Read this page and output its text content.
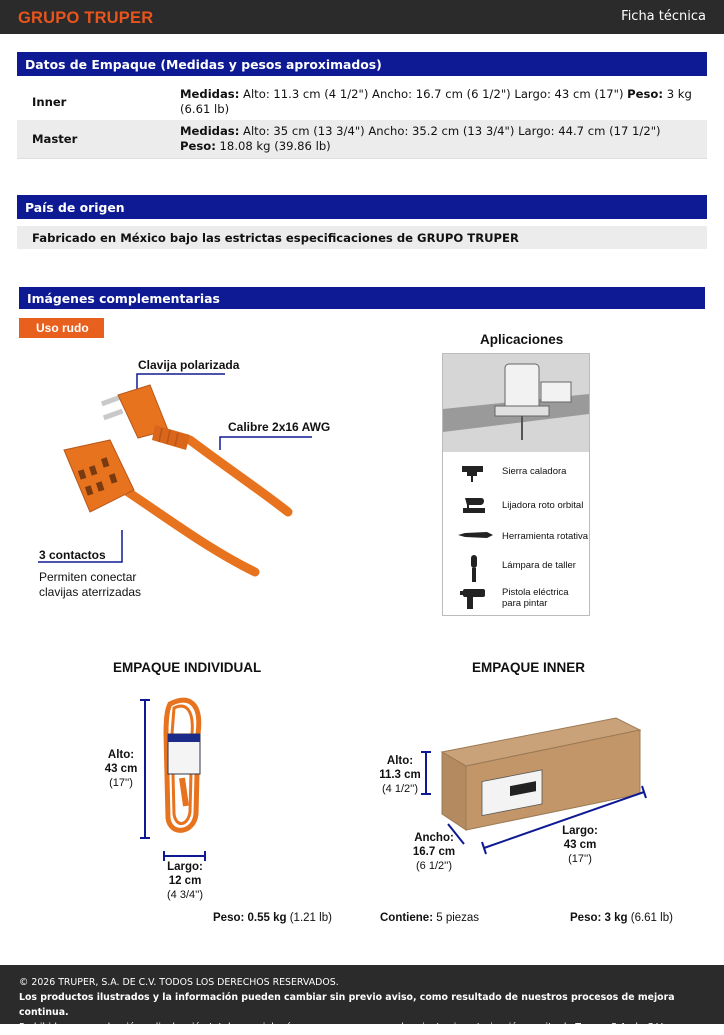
GRUPO TRUPER	Ficha técnica
Datos de Empaque (Medidas y pesos aproximados)
Inner
Medidas: Alto: 11.3 cm (4 1/2") Ancho: 16.7 cm (6 1/2") Largo: 43 cm (17") Peso: 3 kg (6.61 lb)
Master
Medidas: Alto: 35 cm (13 3/4") Ancho: 35.2 cm (13 3/4") Largo: 44.7 cm (17 1/2") Peso: 18.08 kg (39.86 lb)
País de origen
Fabricado en México bajo las estrictas especificaciones de GRUPO TRUPER
Imágenes complementarias
Uso rudo
Clavija polarizada
Calibre 2x16 AWG
3 contactos
Permiten conectar
clavijas aterrizadas
Aplicaciones
Sierra caladora
Lijadora roto orbital
Herramienta rotativa
Lámpara de taller
Pistola eléctrica
para pintar
EMPAQUE INDIVIDUAL
Alto:
43 cm
(17'')
Largo:
12 cm
(4 3/4'')
Peso: 0.55 kg (1.21 lb)
EMPAQUE INNER
Alto:
11.3 cm
(4 1/2'')
Ancho:
16.7 cm
(6 1/2'')
Largo:
43 cm
(17'')
Contiene: 5 piezas	Peso: 3 kg (6.61 lb)
© 2026 TRUPER, S.A. DE C.V. TODOS LOS DERECHOS RESERVADOS.
Los productos ilustrados y la información pueden cambiar sin previo aviso, como resultado de nuestros procesos de mejora continua.
Prohibida su reproducción o divulgación total o parcial así como su uso o aprovechamiento sin autorización escrita de Truper, S.A. de C.V.
